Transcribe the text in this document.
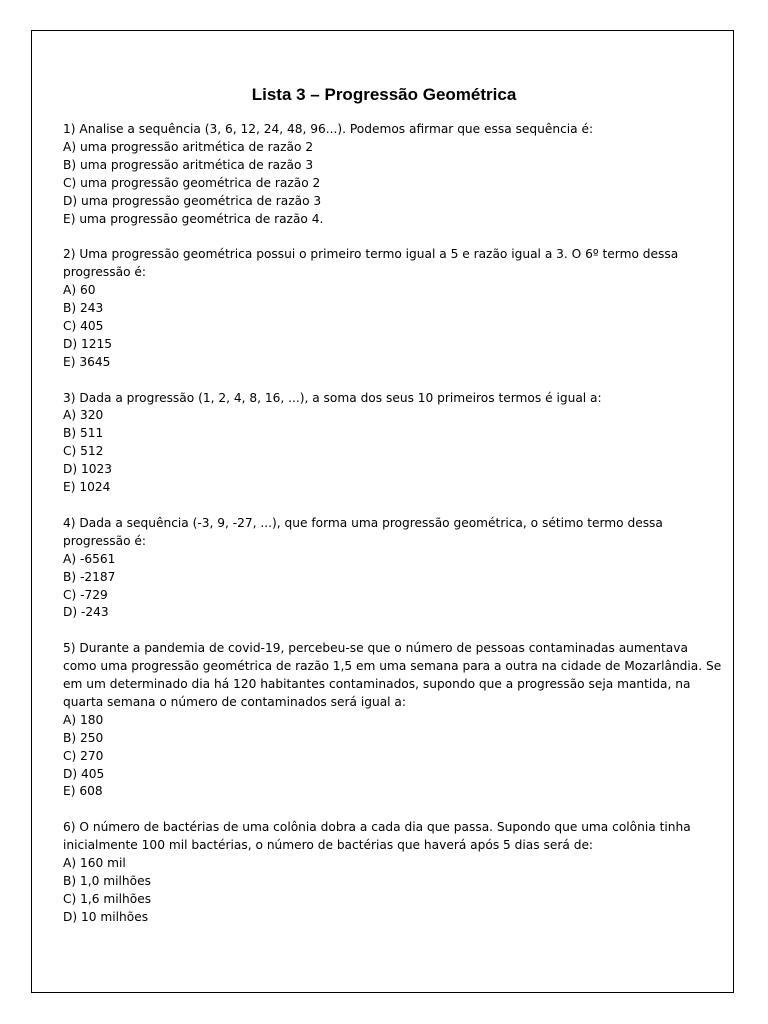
Lista 3 – Progressão Geométrica
1) Analise a sequência (3, 6, 12, 24, 48, 96...). Podemos afirmar que essa sequência é:
A) uma progressão aritmética de razão 2
B) uma progressão aritmética de razão 3
C) uma progressão geométrica de razão 2
D) uma progressão geométrica de razão 3
E) uma progressão geométrica de razão 4.
2) Uma progressão geométrica possui o primeiro termo igual a 5 e razão igual a 3. O 6º termo dessa progressão é:
A) 60
B) 243
C) 405
D) 1215
E) 3645
3) Dada a progressão (1, 2, 4, 8, 16, ...), a soma dos seus 10 primeiros termos é igual a:
A) 320
B) 511
C) 512
D) 1023
E) 1024
4) Dada a sequência (-3, 9, -27, ...), que forma uma progressão geométrica, o sétimo termo dessa progressão é:
A) -6561
B) -2187
C) -729
D) -243
5) Durante a pandemia de covid-19, percebeu-se que o número de pessoas contaminadas aumentava como uma progressão geométrica de razão 1,5 em uma semana para a outra na cidade de Mozarlândia. Se em um determinado dia há 120 habitantes contaminados, supondo que a progressão seja mantida, na quarta semana o número de contaminados será igual a:
A) 180
B) 250
C) 270
D) 405
E) 608
6) O número de bactérias de uma colônia dobra a cada dia que passa. Supondo que uma colônia tinha inicialmente 100 mil bactérias, o número de bactérias que haverá após 5 dias será de:
A) 160 mil
B) 1,0 milhões
C) 1,6 milhões
D) 10 milhões
